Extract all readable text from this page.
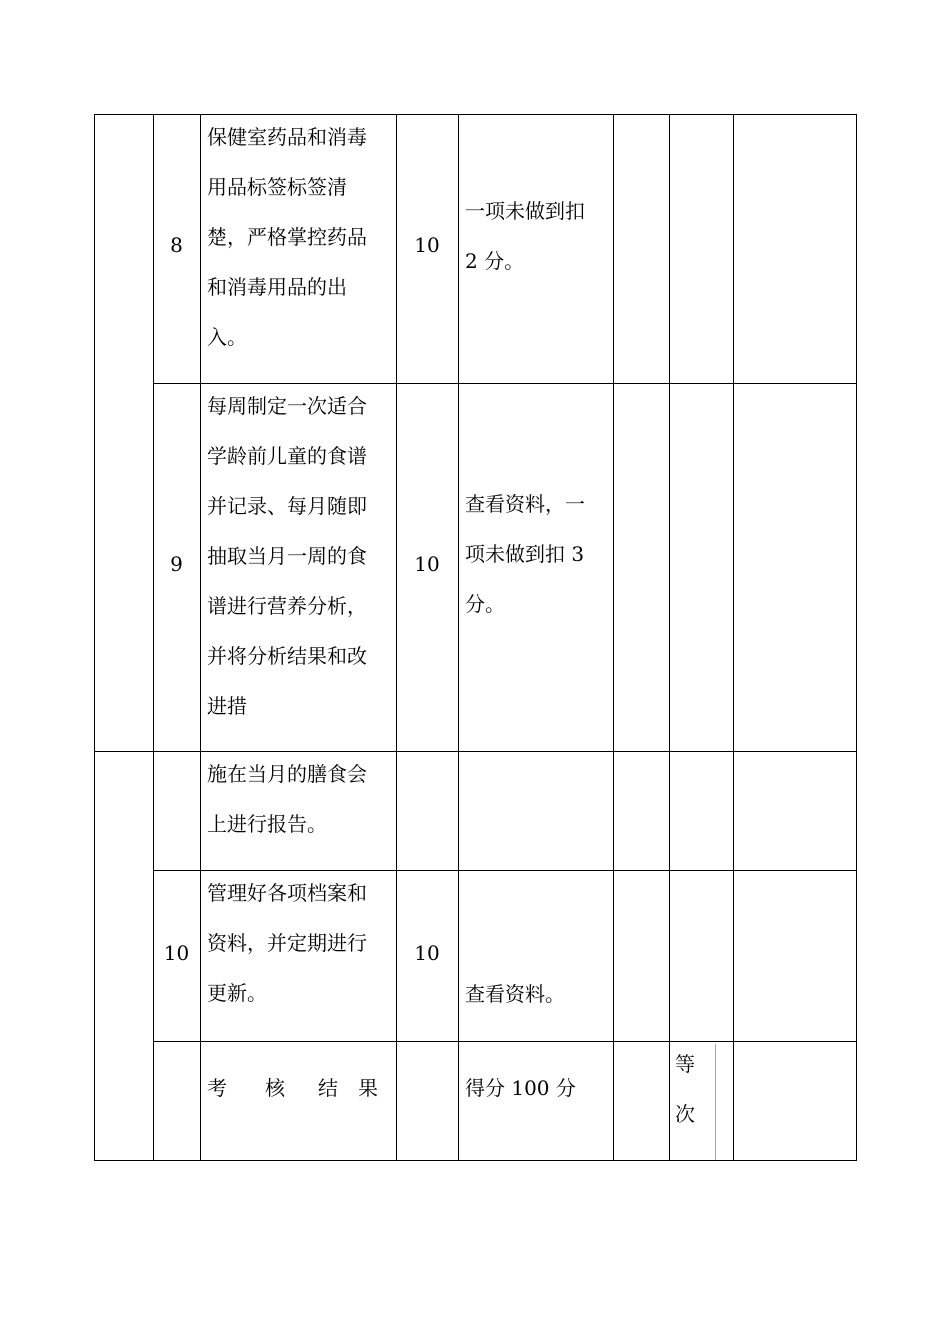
8
保健室药品和消毒
用品标签标签清
楚，严格掌控药品
和消毒用品的出
入。
10
一项未做到扣
2 分。
9
每周制定一次适合
学龄前儿童的食谱
并记录、每月随即
抽取当月一周的食
谱进行营养分析，
并将分析结果和改
进措
10
查看资料，一
项未做到扣 3
分。
施在当月的膳食会
上进行报告。
10
管理好各项档案和
资料，并定期进行
更新。
10
查看资料。
考 核 结 果	得分 100 分
等
次
